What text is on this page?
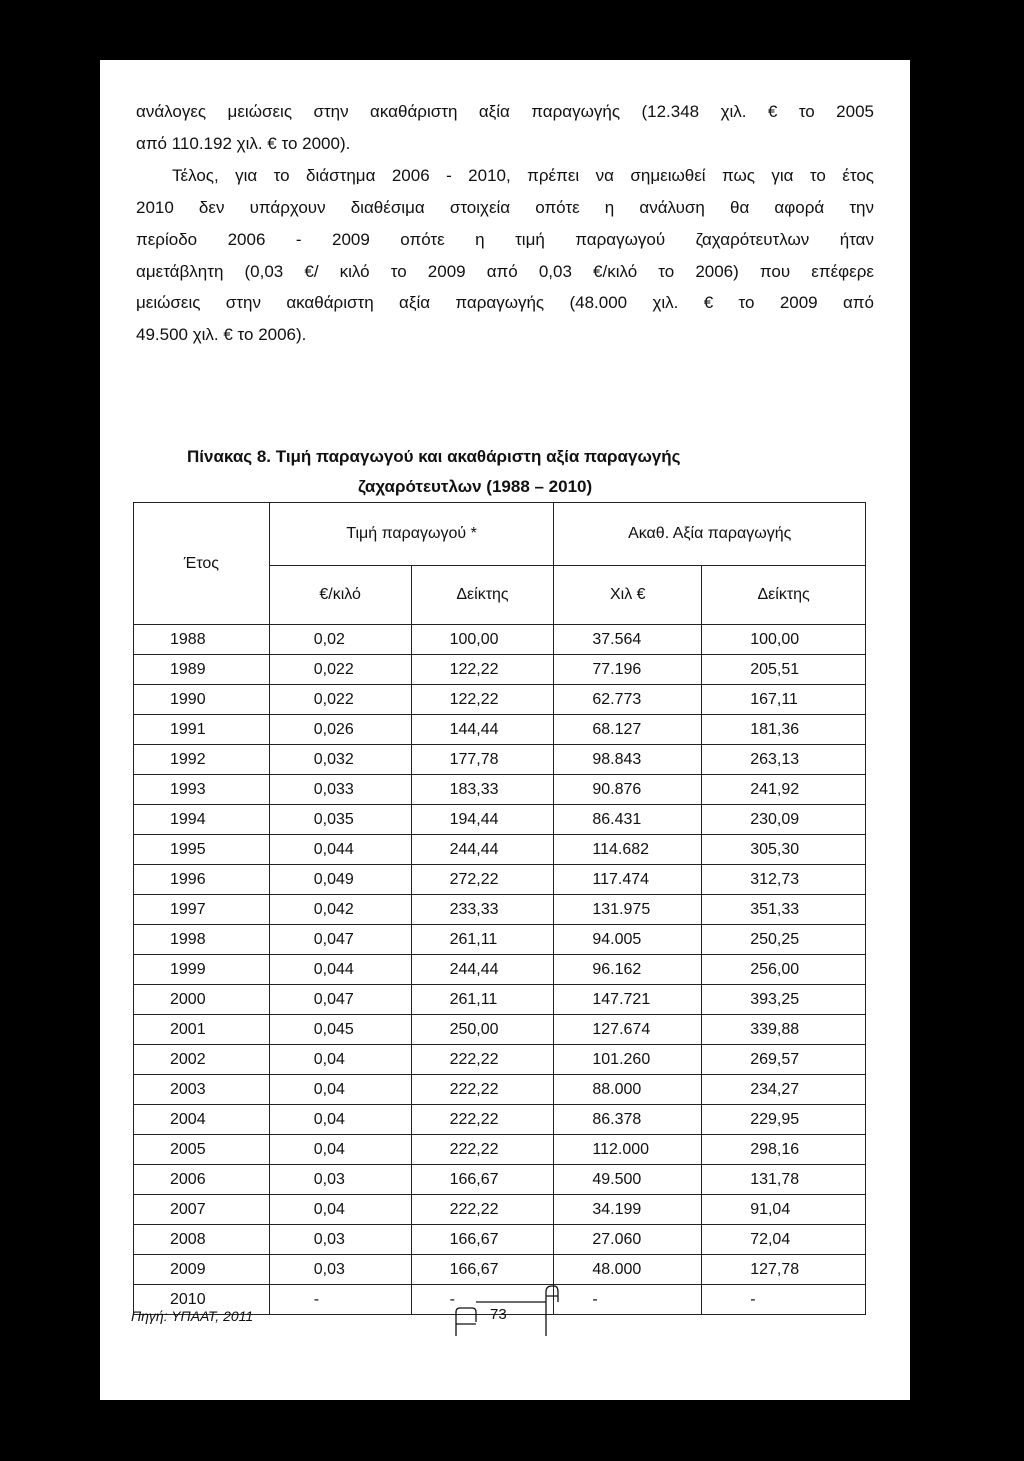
ανάλογες μειώσεις στην ακαθάριστη αξία παραγωγής (12.348 χιλ. € το 2005
από 110.192 χιλ. € το 2000).
Τέλος, για το διάστημα 2006 - 2010, πρέπει να σημειωθεί πως για το έτος
2010 δεν υπάρχουν διαθέσιμα στοιχεία οπότε η ανάλυση θα αφορά την
περίοδο 2006 - 2009 οπότε η τιμή παραγωγού ζαχαρότευτλων ήταν
αμετάβλητη (0,03 €/ κιλό το 2009 από 0,03 €/κιλό το 2006) που επέφερε
μειώσεις στην ακαθάριστη αξία παραγωγής (48.000 χιλ. € το 2009 από
49.500 χιλ. € το 2006).
Πίνακας 8. Τιμή παραγωγού και ακαθάριστη αξία παραγωγής
ζαχαρότευτλων (1988 – 2010)
Έτος	Τιμή παραγωγού *		Ακαθ. Αξία παραγωγής	
	€/κιλό	Δείκτης	Χιλ €	Δείκτης
1988	0,02	100,00	37.564	100,00
1989	0,022	122,22	77.196	205,51
1990	0,022	122,22	62.773	167,11
1991	0,026	144,44	68.127	181,36
1992	0,032	177,78	98.843	263,13
1993	0,033	183,33	90.876	241,92
1994	0,035	194,44	86.431	230,09
1995	0,044	244,44	114.682	305,30
1996	0,049	272,22	117.474	312,73
1997	0,042	233,33	131.975	351,33
1998	0,047	261,11	94.005	250,25
1999	0,044	244,44	96.162	256,00
2000	0,047	261,11	147.721	393,25
2001	0,045	250,00	127.674	339,88
2002	0,04	222,22	101.260	269,57
2003	0,04	222,22	88.000	234,27
2004	0,04	222,22	86.378	229,95
2005	0,04	222,22	112.000	298,16
2006	0,03	166,67	49.500	131,78
2007	0,04	222,22	34.199	91,04
2008	0,03	166,67	27.060	72,04
2009	0,03	166,67	48.000	127,78
2010	-	-	-	-
Πηγή: ΥΠΑΑΤ, 2011	73
